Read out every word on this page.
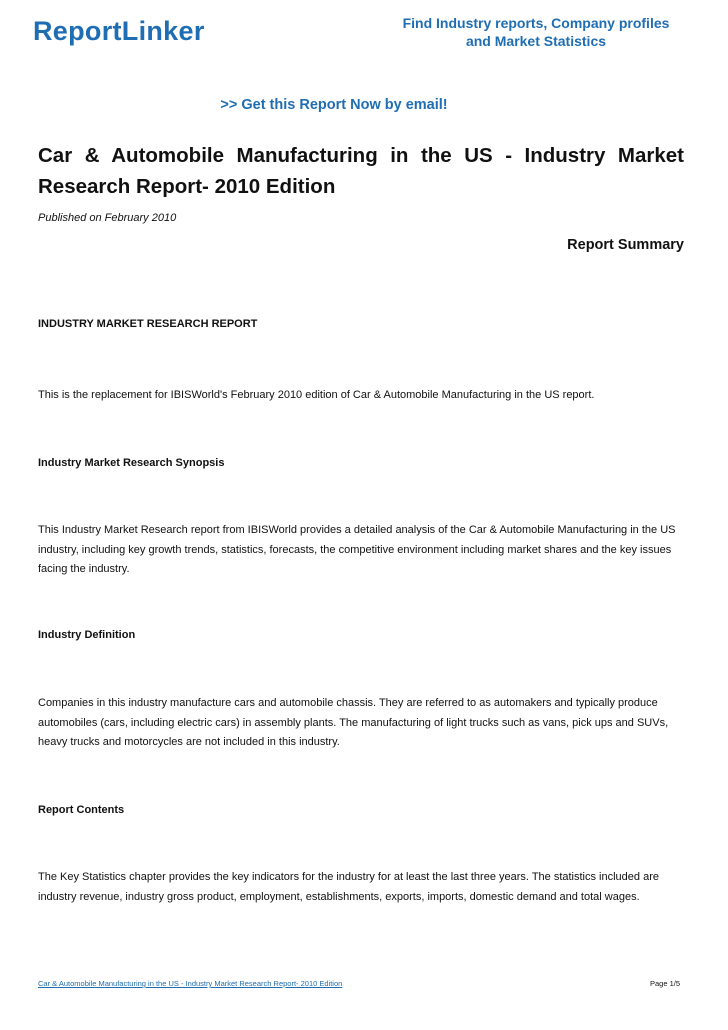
ReportLinker	Find Industry reports, Company profiles
and Market Statistics
>> Get this Report Now by email!
Car & Automobile Manufacturing in the US - Industry Market Research Report- 2010 Edition
Published on February 2010
Report Summary
INDUSTRY MARKET RESEARCH REPORT
This is the replacement for IBISWorld's February 2010 edition of Car & Automobile Manufacturing in the US report.
Industry Market Research Synopsis
This Industry Market Research report from IBISWorld provides a detailed analysis of the Car & Automobile Manufacturing in the US industry, including key growth trends, statistics, forecasts, the competitive environment including market shares and the key issues facing the industry.
Industry Definition
Companies in this industry manufacture cars and automobile chassis. They are referred to as automakers and typically produce automobiles (cars, including electric cars) in assembly plants. The manufacturing of light trucks such as vans, pick ups and SUVs, heavy trucks and motorcycles are not included in this industry.
Report Contents
The Key Statistics chapter provides the key indicators for the industry for at least the last three years. The statistics included are industry revenue, industry gross product, employment, establishments, exports, imports, domestic demand and total wages.
Car & Automobile Manufacturing in the US - Industry Market Research Report- 2010 Edition	Page 1/5
